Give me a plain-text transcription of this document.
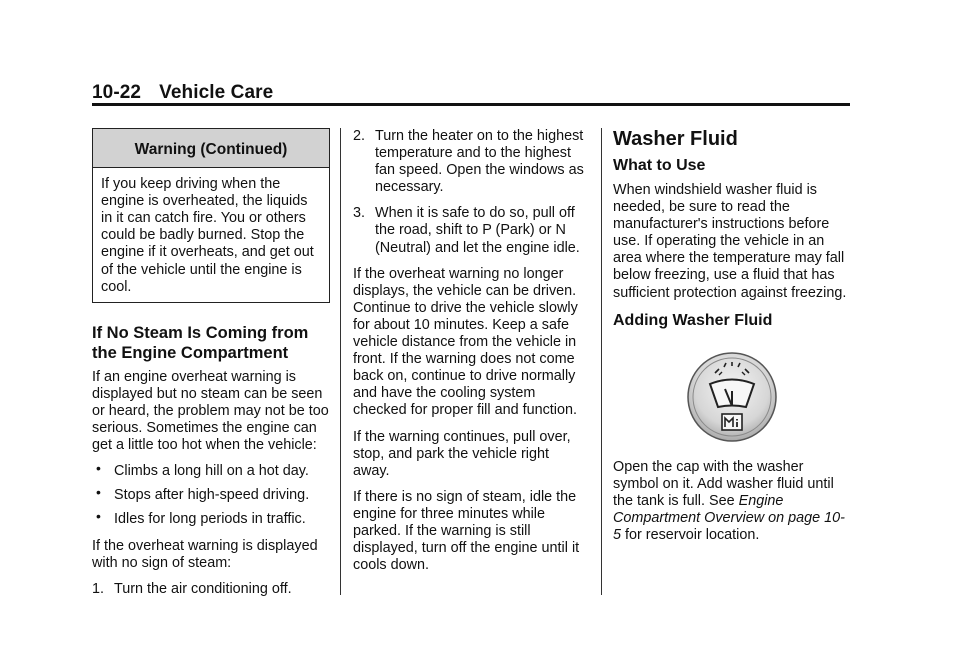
10-22 Vehicle Care
Warning (Continued)
If you keep driving when the engine is overheated, the liquids in it can catch fire. You or others could be badly burned. Stop the engine if it overheats, and get out of the vehicle until the engine is cool.
If No Steam Is Coming from the Engine Compartment

If an engine overheat warning is displayed but no steam can be seen or heard, the problem may not be too serious. Sometimes the engine can get a little too hot when the vehicle:

• Climbs a long hill on a hot day.
• Stops after high-speed driving.
• Idles for long periods in traffic.

If the overheat warning is displayed with no sign of steam:

1. Turn the air conditioning off.
2. Turn the heater on to the highest temperature and to the highest fan speed. Open the windows as necessary.
3. When it is safe to do so, pull off the road, shift to P (Park) or N (Neutral) and let the engine idle.

If the overheat warning no longer displays, the vehicle can be driven. Continue to drive the vehicle slowly for about 10 minutes. Keep a safe vehicle distance from the vehicle in front. If the warning does not come back on, continue to drive normally and have the cooling system checked for proper fill and function.

If the warning continues, pull over, stop, and park the vehicle right away.

If there is no sign of steam, idle the engine for three minutes while parked. If the warning is still displayed, turn off the engine until it cools down.

Washer Fluid
What to Use

When windshield washer fluid is needed, be sure to read the manufacturer's instructions before use. If operating the vehicle in an area where the temperature may fall below freezing, use a fluid that has sufficient protection against freezing.

Adding Washer Fluid

Open the cap with the washer symbol on it. Add washer fluid until the tank is full. See Engine Compartment Overview on page 10-5 for reservoir location.
